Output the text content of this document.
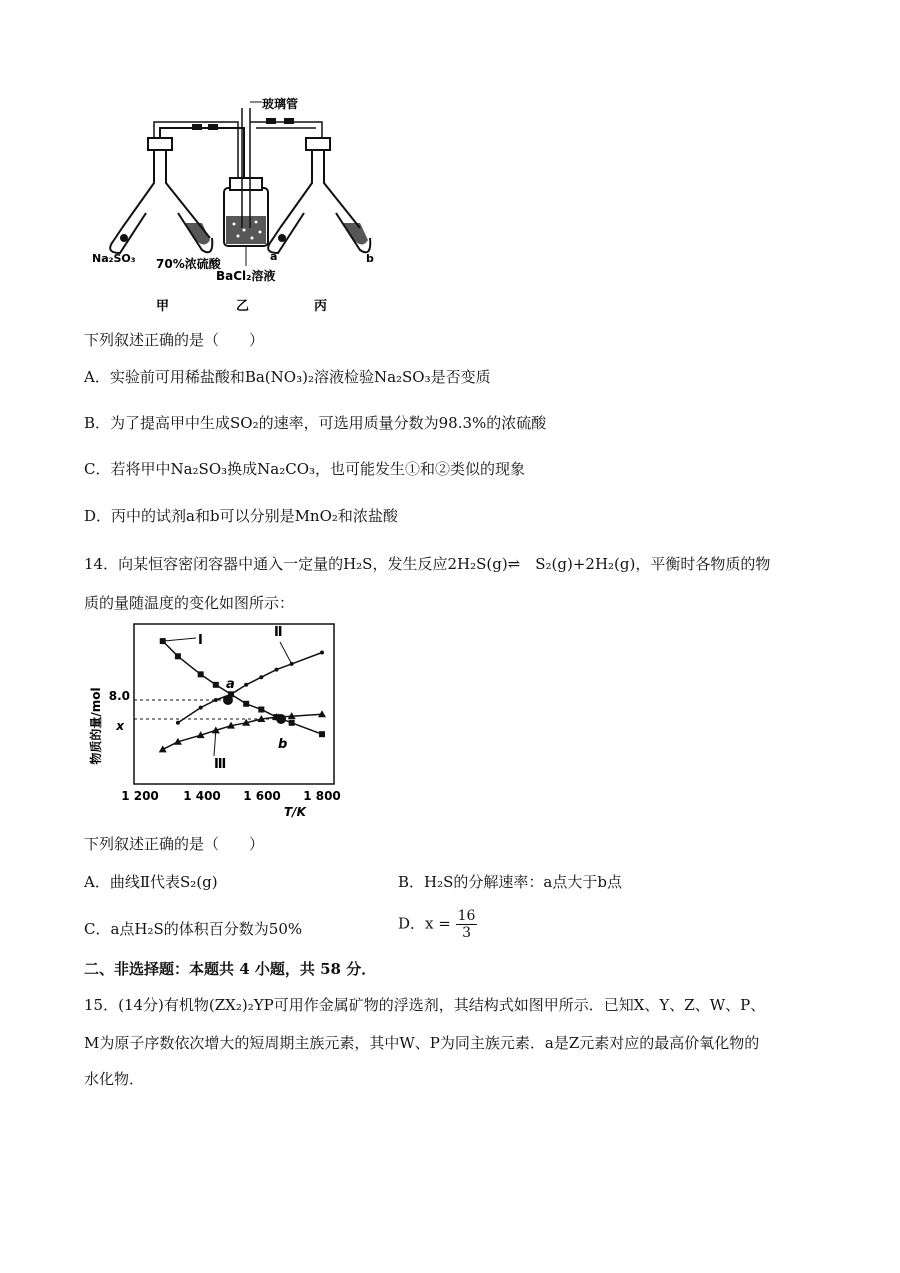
玻璃管
Na₂SO₃ 70%浓硫酸
BaCl₂溶液
a	b
甲	乙	丙
下列叙述正确的是（　　）
A．实验前可用稀盐酸和Ba(NO₃)₂溶液检验Na₂SO₃是否变质
B．为了提高甲中生成SO₂的速率，可选用质量分数为98.3%的浓硫酸
C．若将甲中Na₂SO₃换成Na₂CO₃，也可能发生①和②类似的现象
D．丙中的试剂a和b可以分别是MnO₂和浓盐酸
14．向某恒容密闭容器中通入一定量的H₂S，发生反应2H₂S(g)⇌　S₂(g)+2H₂(g)，平衡时各物质的物
质的量随温度的变化如图所示：
物质的量/mol
1 200 1 400 1 600 1 800
T/K
8.0
x
Ⅰ
Ⅱ
Ⅲ
a
b
下列叙述正确的是（　　）
A．曲线Ⅱ代表S₂(g)	B．H₂S的分解速率：a点大于b点
C．a点H₂S的体积百分数为50%	D．$x = \frac{16}{3}$
二、非选择题：本题共 4 小题，共 58 分．
15．(14分)有机物(ZX₂)₂YP可用作金属矿物的浮选剂，其结构式如图甲所示．已知X、Y、Z、W、P、
M为原子序数依次增大的短周期主族元素，其中W、P为同主族元素．a是Z元素对应的最高价氧化物的
水化物．
